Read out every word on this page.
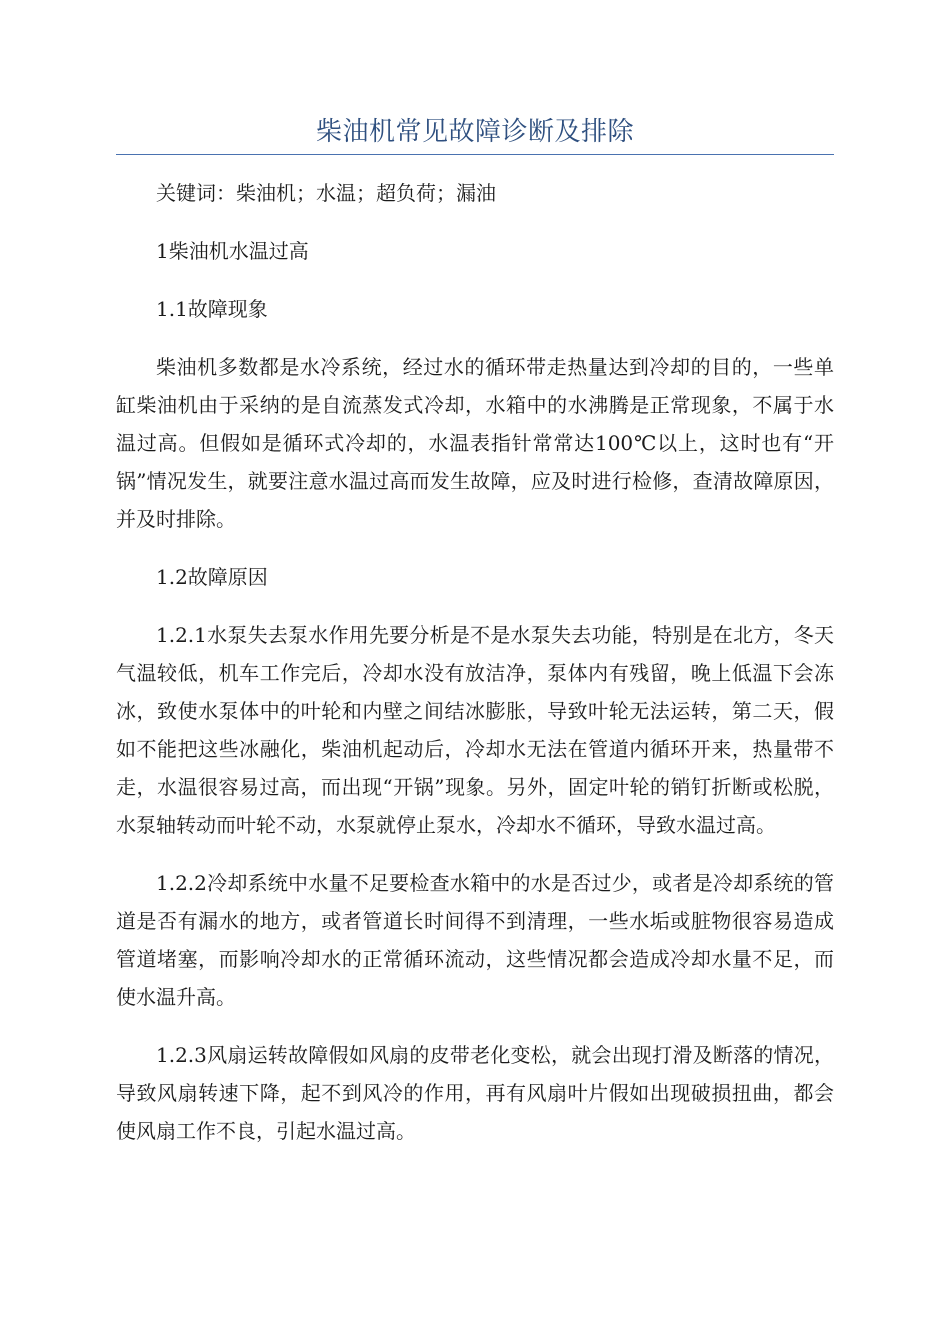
柴油机常见故障诊断及排除

关键词：柴油机；水温；超负荷；漏油

1柴油机水温过高

1.1故障现象

柴油机多数都是水冷系统，经过水的循环带走热量达到冷却的目的，一些单缸柴油机由于采纳的是自流蒸发式冷却，水箱中的水沸腾是正常现象，不属于水温过高。但假如是循环式冷却的，水温表指针常常达100℃以上，这时也有“开锅”情况发生，就要注意水温过高而发生故障，应及时进行检修，查清故障原因，并及时排除。

1.2故障原因

1.2.1水泵失去泵水作用先要分析是不是水泵失去功能，特别是在北方，冬天气温较低，机车工作完后，冷却水没有放洁净，泵体内有残留，晚上低温下会冻冰，致使水泵体中的叶轮和内壁之间结冰膨胀，导致叶轮无法运转，第二天，假如不能把这些冰融化，柴油机起动后，冷却水无法在管道内循环开来，热量带不走，水温很容易过高，而出现“开锅”现象。另外，固定叶轮的销钉折断或松脱，水泵轴转动而叶轮不动，水泵就停止泵水，冷却水不循环，导致水温过高。

1.2.2冷却系统中水量不足要检查水箱中的水是否过少，或者是冷却系统的管道是否有漏水的地方，或者管道长时间得不到清理，一些水垢或脏物很容易造成管道堵塞，而影响冷却水的正常循环流动，这些情况都会造成冷却水量不足，而使水温升高。

1.2.3风扇运转故障假如风扇的皮带老化变松，就会出现打滑及断落的情况，导致风扇转速下降，起不到风冷的作用，再有风扇叶片假如出现破损扭曲，都会使风扇工作不良，引起水温过高。
